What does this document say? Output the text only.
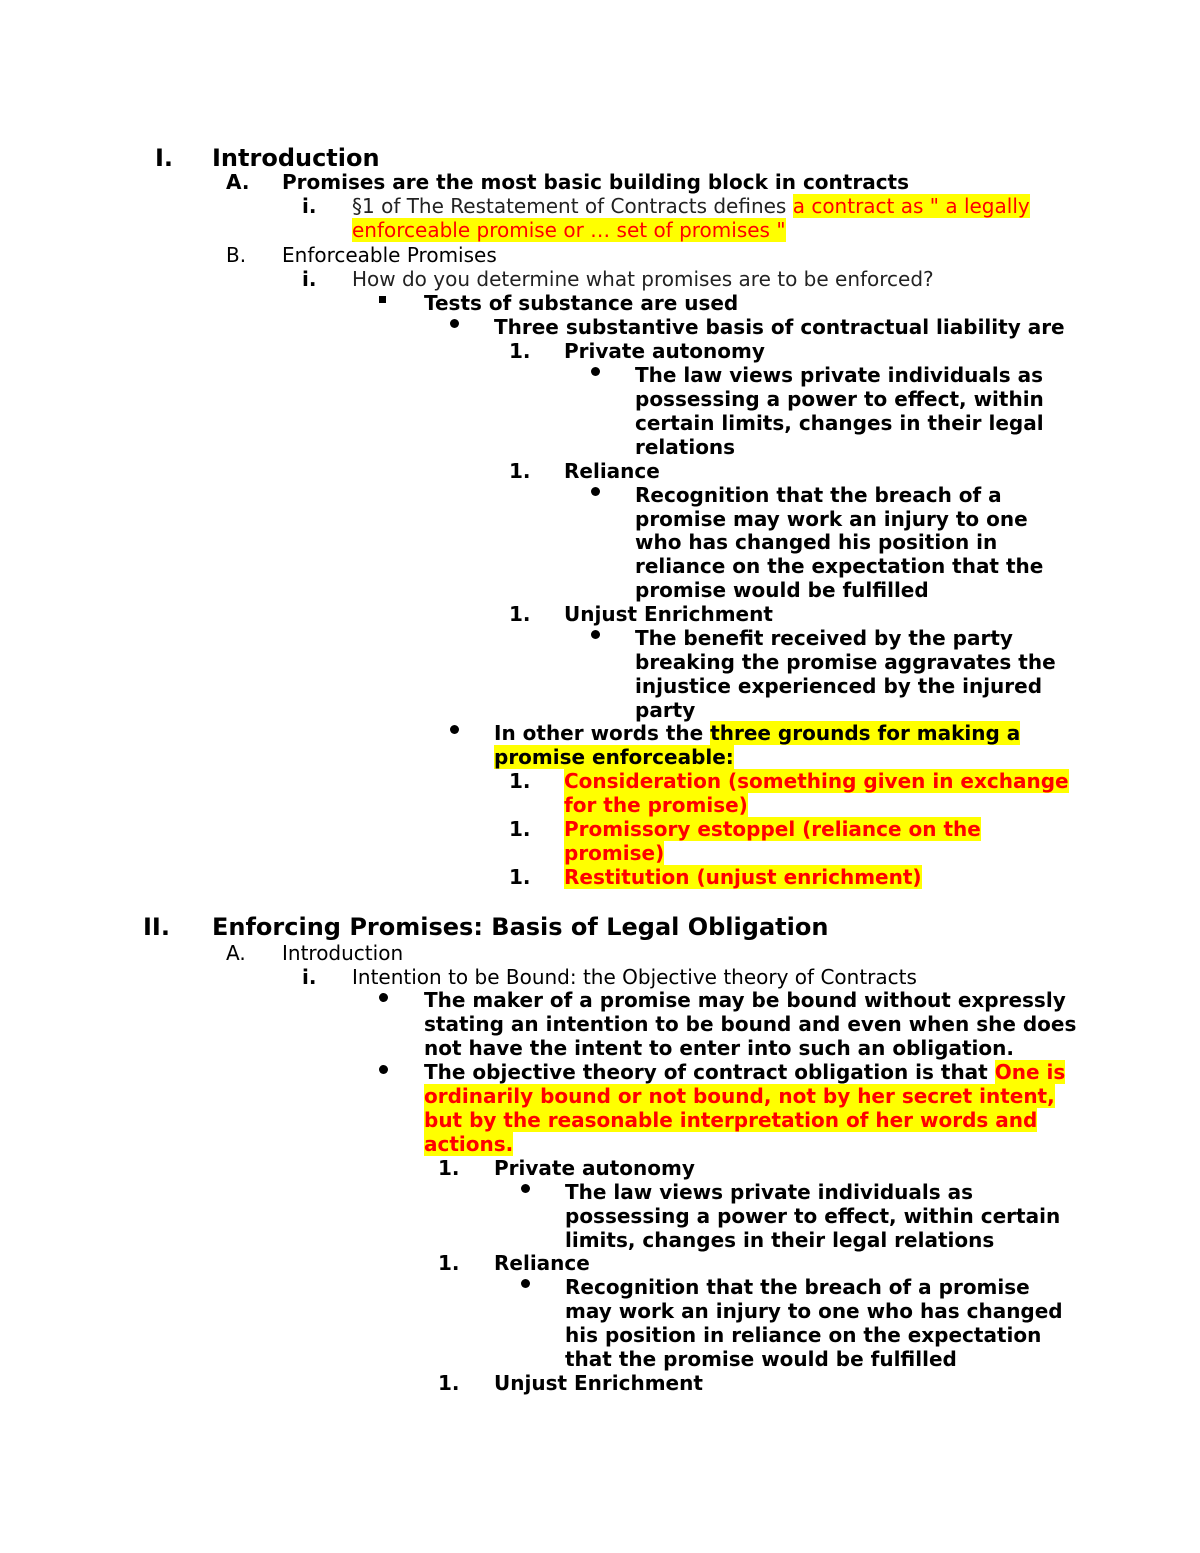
I. Introduction
A. Promises are the most basic building block in contracts
i. §1 of The Restatement of Contracts defines a contract as " a legally
enforceable promise or … set of promises "
B. Enforceable Promises
i. How do you determine what promises are to be enforced?
Tests of substance are used
Three substantive basis of contractual liability are
1. Private autonomy
The law views private individuals as
possessing a power to effect, within
certain limits, changes in their legal
relations
1. Reliance
Recognition that the breach of a
promise may work an injury to one
who has changed his position in
reliance on the expectation that the
promise would be fulfilled
1. Unjust Enrichment
The benefit received by the party
breaking the promise aggravates the
injustice experienced by the injured
party
In other words the three grounds for making a
promise enforceable:
1. Consideration (something given in exchange
for the promise)
1. Promissory estoppel (reliance on the
promise)
1. Restitution (unjust enrichment)
II. Enforcing Promises: Basis of Legal Obligation
A. Introduction
i. Intention to be Bound: the Objective theory of Contracts
The maker of a promise may be bound without expressly
stating an intention to be bound and even when she does
not have the intent to enter into such an obligation.
The objective theory of contract obligation is that One is
ordinarily bound or not bound, not by her secret intent,
but by the reasonable interpretation of her words and
actions.
1. Private autonomy
The law views private individuals as
possessing a power to effect, within certain
limits, changes in their legal relations
1. Reliance
Recognition that the breach of a promise
may work an injury to one who has changed
his position in reliance on the expectation
that the promise would be fulfilled
1. Unjust Enrichment
